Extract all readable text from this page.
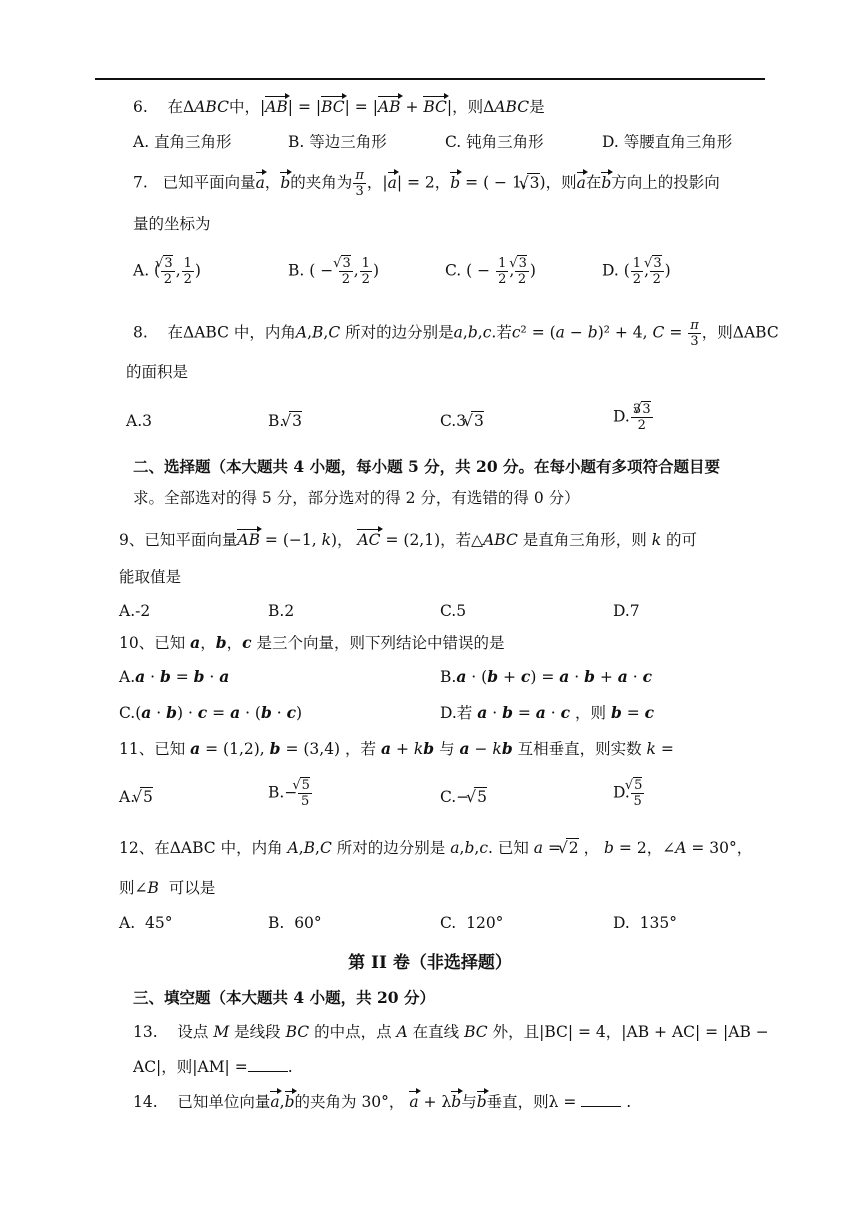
6. 在ΔABC中，|AB| = |BC| = |AB + BC|，则ΔABC是
A. 直角三角形	B. 等边三角形	C. 钝角三角形	D. 等腰直角三角形
7. 已知平面向量a，b的夹角为 $\frac{\pi}{3}$ ，|a| = 2，b = ( − 1, √ 3)，则a在b方向上的投影向
量的坐标为
A. ( √ $\frac{3}{2}$ , $\frac{1}{2}$ )	B. ( − √ $\frac{3}{2}$ , $\frac{1}{2}$ )	C. ( − $\frac{1}{2}$ , √ $\frac{3}{2}$ )	D. ( $\frac{1}{2}$ , √ $\frac{3}{2}$ )
8. 在ΔABC 中，内角A,B,C 所对的边分别是a,b,c.若c² = (a − b)² + 4, $C = \frac{\pi}{3}$ ，则ΔABC
的面积是
A.3	B. √ 3	C.3 √ 3	D. $\frac{3√ 3}{2}$
二、选择题（本大题共 4 小题，每小题 5 分，共 20 分。在每小题有多项符合题目要
求。全部选对的得 5 分，部分选对的得 2 分，有选错的得 0 分）
9、已知平面向量AB = (−1, k)， AC = (2,1)，若△ABC 是直角三角形，则 k 的可
能取值是
A.-2	B.2	C.5	D.7
10、已知 a，b，c 是三个向量，则下列结论中错误的是
A.a · b = b · a	B.a · (b + c) = a · b + a · c
C.(a · b) · c = a · (b · c)	D.若 a · b = a · c ，则 b = c
11、已知 a = (1,2), b = (3,4) ，若 a + kb 与 a − kb 互相垂直，则实数 k =
A. √ 5	B.− √ $\frac{5}{5}$	C.− √ 5	D. √ $\frac{5}{5}$
12、在ΔABC 中，内角 A,B,C 所对的边分别是 a,b,c. 已知 a = √ 2 ， b = 2，∠A = 30°，
则∠B 可以是
A. 45°	B. 60°	C. 120°	D. 135°
第 II 卷（非选择题）
三、填空题（本大题共 4 小题，共 20 分）
13. 设点 M 是线段 BC 的中点，点 A 在直线 BC 外，且|BC| = 4，|AB + AC| = |AB −
AC|，则|AM| =	.
14. 已知单位向量a,b的夹角为 30°， a + λb与b垂直，则λ =	.
